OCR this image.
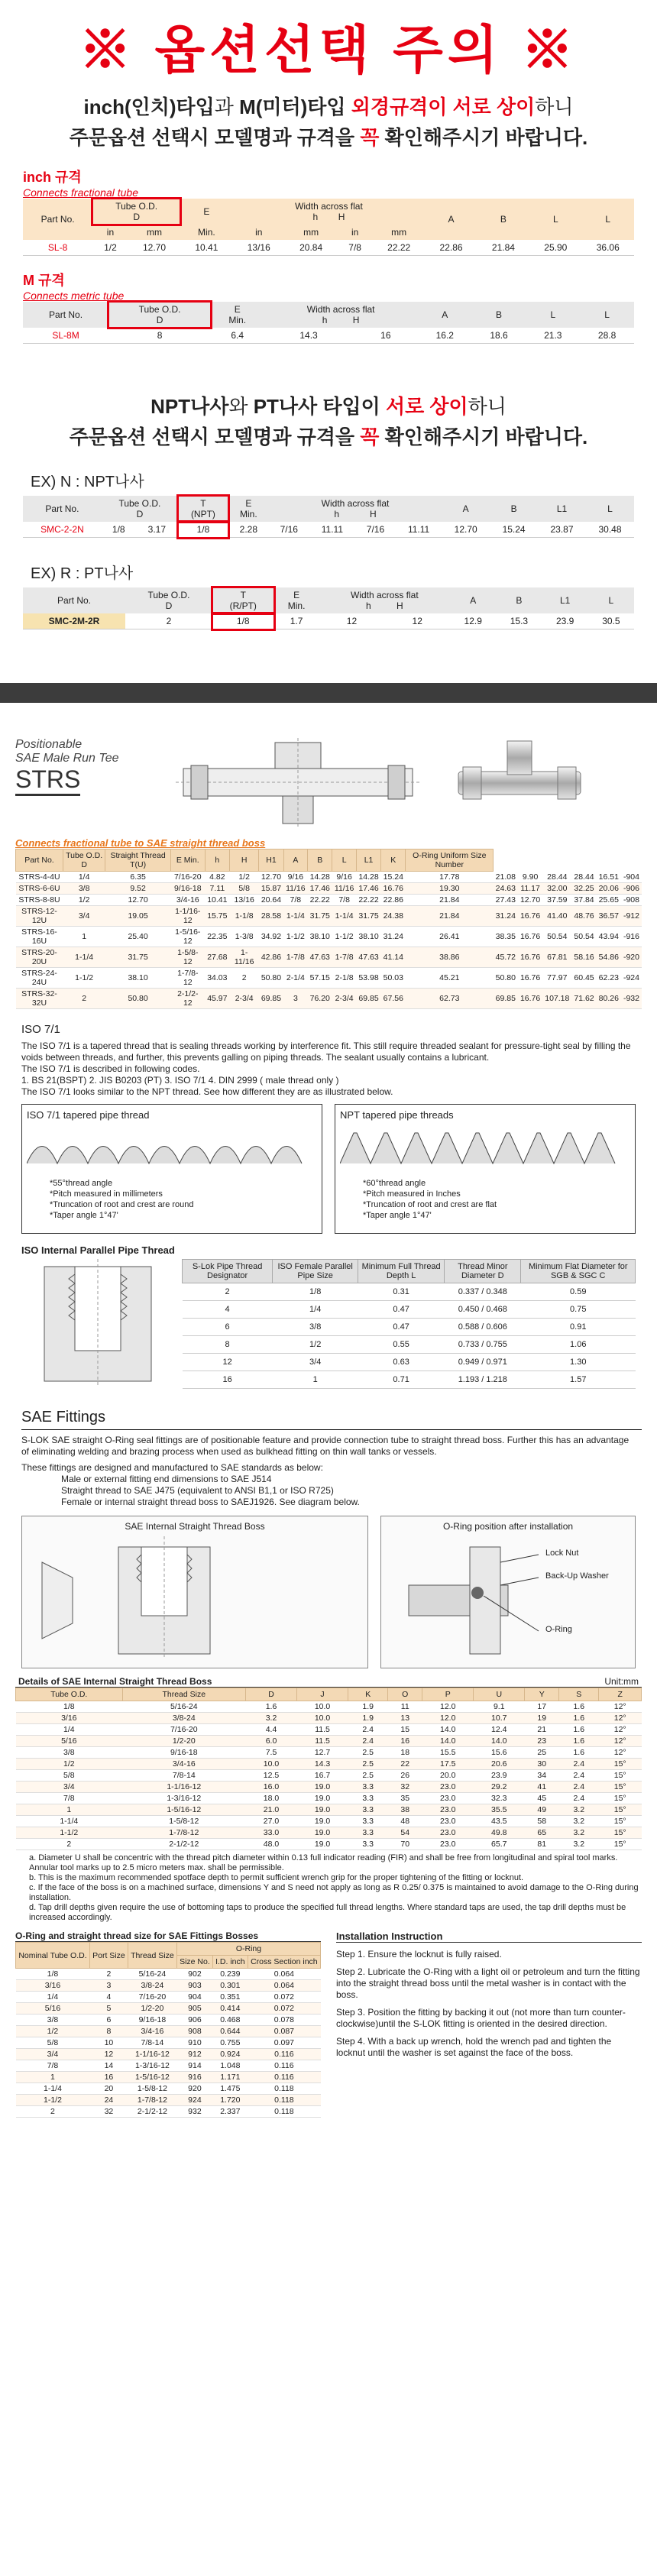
※ 옵션선택 주의 ※
inch(인치)타입과 M(미터)타입 외경규격이 서로 상이하니
주문옵션 선택시 모델명과 규격을 꼭 확인해주시기 바랍니다.
inch 규격
Connects fractional tube
Part No.	Tube O.D.
D		E	Width across flat
h H				A	B	L	L
	in	mm	Min.	in	mm	in	mm				
SL-8	1/2	12.70	10.41	13/16	20.84	7/8	22.22	22.86	21.84	25.90	36.06
M 규격
Connects metric tube
Part No.	Tube O.D.
D	E
Min.	Width across flat
h          H		A	B	L	L
SL-8M	8	6.4	14.3	16	16.2	18.6	21.3	28.8
NPT나사와 PT나사 타입이 서로 상이하니
주문옵션 선택시 모델명과 규격을 꼭 확인해주시기 바랍니다.
EX) N : NPT나사
Part No.	Tube O.D.
D		T
(NPT)	E
Min.	Width across flat
h            H				A	B	L1	L
SMC-2-2N	1/8	3.17	1/8	2.28	7/16	11.11	7/16	11.11	12.70	15.24	23.87	30.48
EX) R : PT나사
Part No.	Tube O.D.
D	T
(R/PT)	E
Min.	Width across flat
h          H		A	B	L1	L
SMC-2M-2R	2	1/8	1.7	12	12	12.9	15.3	23.9	30.5
Positionable
SAE Male Run Tee
STRS
Connects fractional tube to SAE straight thread boss
Part No.	Tube O.D. D	Straight Thread T(U)	E Min.	h	H	H1	A	B	L	L1	K	O-Ring Uniform Size Number						
STRS-4-4U	1/4	6.35	7/16-20	4.82	1/2	12.70	9/16	14.28	9/16	14.28	15.24	17.78	21.08	9.90	28.44	28.44	16.51	-904
STRS-6-6U	3/8	9.52	9/16-18	7.11	5/8	15.87	11/16	17.46	11/16	17.46	16.76	19.30	24.63	11.17	32.00	32.25	20.06	-906
STRS-8-8U	1/2	12.70	3/4-16	10.41	13/16	20.64	7/8	22.22	7/8	22.22	22.86	21.84	27.43	12.70	37.59	37.84	25.65	-908
STRS-12-12U	3/4	19.05	1-1/16-12	15.75	1-1/8	28.58	1-1/4	31.75	1-1/4	31.75	24.38	21.84	31.24	16.76	41.40	48.76	36.57	-912
STRS-16-16U	1	25.40	1-5/16-12	22.35	1-3/8	34.92	1-1/2	38.10	1-1/2	38.10	31.24	26.41	38.35	16.76	50.54	50.54	43.94	-916
STRS-20-20U	1-1/4	31.75	1-5/8-12	27.68	1-11/16	42.86	1-7/8	47.63	1-7/8	47.63	41.14	38.86	45.72	16.76	67.81	58.16	54.86	-920
STRS-24-24U	1-1/2	38.10	1-7/8-12	34.03	2	50.80	2-1/4	57.15	2-1/8	53.98	50.03	45.21	50.80	16.76	77.97	60.45	62.23	-924
STRS-32-32U	2	50.80	2-1/2-12	45.97	2-3/4	69.85	3	76.20	2-3/4	69.85	67.56	62.73	69.85	16.76	107.18	71.62	80.26	-932
ISO 7/1

The ISO 7/1 is a tapered thread that is sealing threads working by interference fit. This still require threaded sealant for pressure-tight seal by filling the voids between threads, and further, this prevents galling on piping threads. The sealant usually contains a lubricant.

The ISO 7/1 is described in following codes.

1. BS 21(BSPT) 2. JIS B0203 (PT) 3. ISO 7/1 4. DIN 2999 ( male thread only )

The ISO 7/1 looks similar to the NPT thread. See how different they are as illustrated below.

ISO 7/1 tapered pipe thread
*55°thread angle
*Pitch measured in millimeters
*Truncation of root and crest are round
*Taper angle 1°47'
NPT tapered pipe threads
*60°thread angle
*Pitch measured in Inches
*Truncation of root and crest are flat
*Taper angle 1°47'
ISO Internal Parallel Pipe Thread
S-Lok Pipe Thread Designator	ISO Female Parallel Pipe Size	Minimum Full Thread Depth L	Thread Minor Diameter D	Minimum Flat Diameter for SGB & SGC C
2	1/8	0.31	0.337 / 0.348	0.59
4	1/4	0.47	0.450 / 0.468	0.75
6	3/8	0.47	0.588 / 0.606	0.91
8	1/2	0.55	0.733 / 0.755	1.06
12	3/4	0.63	0.949 / 0.971	1.30
16	1	0.71	1.193 / 1.218	1.57
SAE Fittings

S-LOK SAE straight O-Ring seal fittings are of positionable feature and provide connection tube to straight thread boss. Further this has an advantage of eliminating welding and brazing process when used as bulkhead fitting on thin wall tanks or vessels.

These fittings are designed and manufactured to SAE standards as below:

Male or external fitting end dimensions to SAE J514

Straight thread to SAE J475 (equivalent to ANSI B1,1 or ISO R725)

Female or internal straight thread boss to SAEJ1926. See diagram below.

SAE Internal Straight Thread Boss	O-Ring position after installation
Lock Nut
Back-Up Washer
O-Ring
Details of SAE Internal Straight Thread Boss	Unit:mm
Tube O.D.	Thread Size	D	J	K	O	P	U	Y	S	Z
1/8	5/16-24	1.6	10.0	1.9	11	12.0	9.1	17	1.6	12°
3/16	3/8-24	3.2	10.0	1.9	13	12.0	10.7	19	1.6	12°
1/4	7/16-20	4.4	11.5	2.4	15	14.0	12.4	21	1.6	12°
5/16	1/2-20	6.0	11.5	2.4	16	14.0	14.0	23	1.6	12°
3/8	9/16-18	7.5	12.7	2.5	18	15.5	15.6	25	1.6	12°
1/2	3/4-16	10.0	14.3	2.5	22	17.5	20.6	30	2.4	15°
5/8	7/8-14	12.5	16.7	2.5	26	20.0	23.9	34	2.4	15°
3/4	1-1/16-12	16.0	19.0	3.3	32	23.0	29.2	41	2.4	15°
7/8	1-3/16-12	18.0	19.0	3.3	35	23.0	32.3	45	2.4	15°
1	1-5/16-12	21.0	19.0	3.3	38	23.0	35.5	49	3.2	15°
1-1/4	1-5/8-12	27.0	19.0	3.3	48	23.0	43.5	58	3.2	15°
1-1/2	1-7/8-12	33.0	19.0	3.3	54	23.0	49.8	65	3.2	15°
2	2-1/2-12	48.0	19.0	3.3	70	23.0	65.7	81	3.2	15°
a. Diameter U shall be concentric with the thread pitch diameter within 0.13 full indicator reading (FIR) and shall be free from longitudinal and spiral tool marks. Annular tool marks up to 2.5 micro meters max. shall be permissible.
b. This is the maximum recommended spotface depth to permit sufficient wrench grip for the proper tightening of the fitting or locknut.
c. If the face of the boss is on a machined surface, dimensions Y and S need not apply as long as R 0.25/ 0.375 is maintained to avoid damage to the O-Ring during installation.
d. Tap drill depths given require the use of bottoming taps to produce the specified full thread lengths. Where standard taps are used, the tap drill depths must be increased accordingly.
O-Ring and straight thread size for SAE Fittings Bosses
Nominal Tube O.D.	Port Size	Thread Size	O-Ring		
			Size No.	I.D. inch	Cross Section inch
1/8	2	5/16-24	902	0.239	0.064
3/16	3	3/8-24	903	0.301	0.064
1/4	4	7/16-20	904	0.351	0.072
5/16	5	1/2-20	905	0.414	0.072
3/8	6	9/16-18	906	0.468	0.078
1/2	8	3/4-16	908	0.644	0.087
5/8	10	7/8-14	910	0.755	0.097
3/4	12	1-1/16-12	912	0.924	0.116
7/8	14	1-3/16-12	914	1.048	0.116
1	16	1-5/16-12	916	1.171	0.116
1-1/4	20	1-5/8-12	920	1.475	0.118
1-1/2	24	1-7/8-12	924	1.720	0.118
2	32	2-1/2-12	932	2.337	0.118
Installation Instruction

Step 1. Ensure the locknut is fully raised.

Step 2. Lubricate the O-Ring with a light oil or petroleum and turn the fitting into the straight thread boss until the metal washer is in contact with the boss.

Step 3. Position the fitting by backing it out (not more than turn counter-clockwise)until the S-LOK fitting is oriented in the desired direction.

Step 4. With a back up wrench, hold the wrench pad and tighten the locknut until the washer is set against the face of the boss.
